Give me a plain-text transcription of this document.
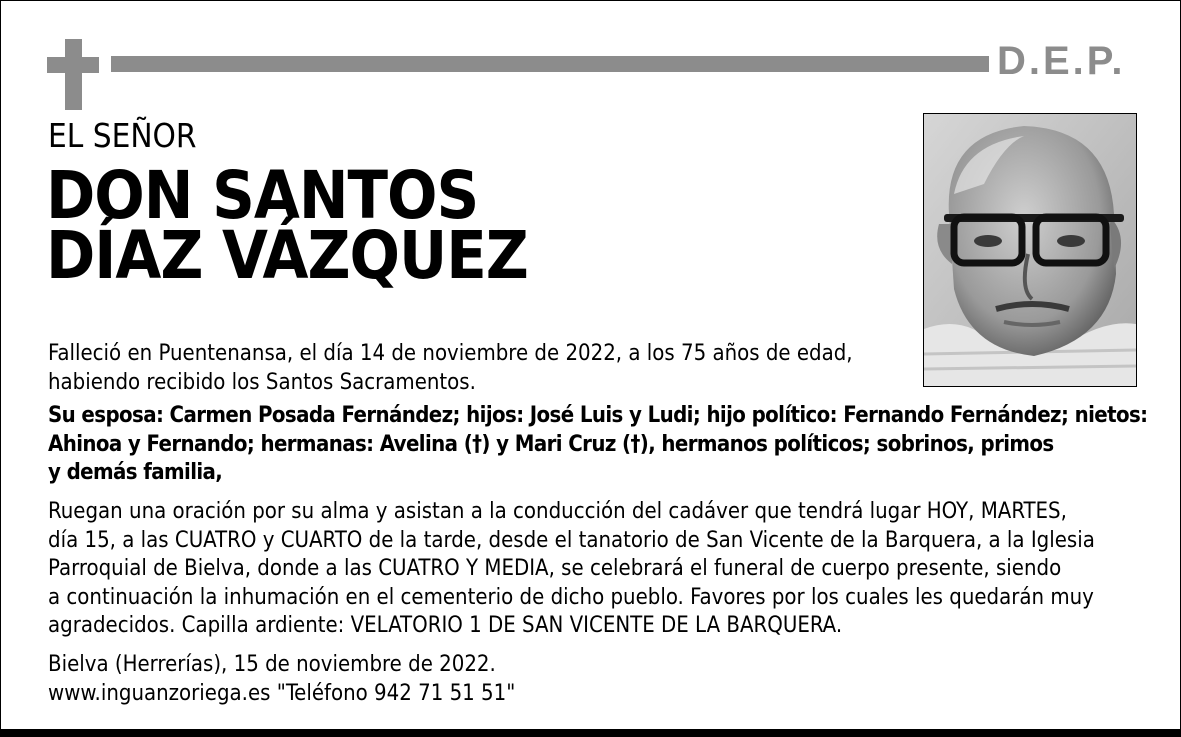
D.E.P.
EL SEÑOR
DON SANTOS
DÍAZ VÁZQUEZ
Falleció en Puentenansa, el día 14 de noviembre de 2022, a los 75 años de edad,
habiendo recibido los Santos Sacramentos.
Su esposa: Carmen Posada Fernández; hijos: José Luis y Ludi; hijo político: Fernando Fernández; nietos:
Ahinoa y Fernando; hermanas: Avelina (†) y Mari Cruz (†), hermanos políticos; sobrinos, primos
y demás familia,
Ruegan una oración por su alma y asistan a la conducción del cadáver que tendrá lugar HOY, MARTES,
día 15, a las CUATRO y CUARTO de la tarde, desde el tanatorio de San Vicente de la Barquera, a la Iglesia
Parroquial de Bielva, donde a las CUATRO Y MEDIA, se celebrará el funeral de cuerpo presente, siendo
a continuación la inhumación en el cementerio de dicho pueblo. Favores por los cuales les quedarán muy
agradecidos. Capilla ardiente: VELATORIO 1 DE SAN VICENTE DE LA BARQUERA.
Bielva (Herrerías), 15 de noviembre de 2022.
www.inguanzoriega.es "Teléfono 942 71 51 51"
